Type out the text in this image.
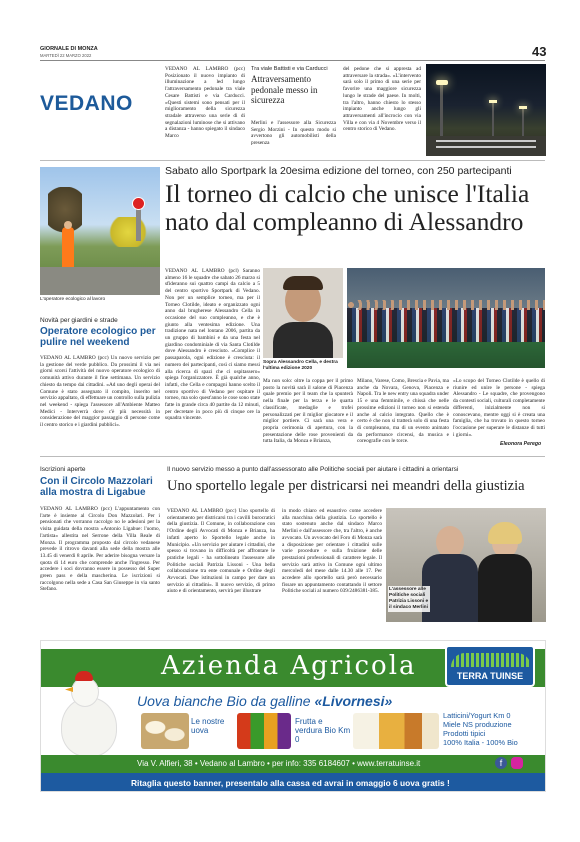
GIORNALE DI MONZA
MARTEDÌ 22 MARZO 2022	43
VEDANO

VEDANO AL LAMBRO (pcc) Posizionato il nuovo impianto di illuminazione a led lungo l'attraversamento pedonale tra viale Cesare Battisti e via Carducci. «Questi sistemi sono pensati per il miglioramento della sicurezza stradale attraverso una serie di di segnalazioni luminose che si attivano a distanza - hanno spiegato il sindaco Marco

Tra viale Battisti e via Carducci
Attraversamento pedonale messo in sicurezza

Merlini e l'assessore alla Sicurezza Sergio Morzini - In questo modo si avvertono gli automobilisti della presenza

del pedone che si appresta ad attraversare la strada». «L'intervento sarà solo il primo di una serie per favorire una maggiore sicurezza lungo le strade del paese. In molti, tra l'altro, hanno chiesto lo stesso impianto anche lungo gli attraversamenti all'incrocio con via Villa e con via 4 Novembre verso il centro storico di Vedano.

L'operatore ecologico al lavoro
Novità per giardini e strade
Operatore ecologico per pulire nel weekend

VEDANO AL LAMBRO (pcc) Un nuovo servizio per la gestione del verde pubblico. Da prossimi il via nei giorni scorsi l'attività del nuovo operatore ecologico di comunità attivo durante il fine settimana. Un servizio chiesto da tempo dai cittadini. «Ad uno degli operai del Comune è stato assegnato il compito, inserito nel servizio appaltato, di effettuare un controllo sulla pulizia nel weekend - spiega l'assessore all'Ambiente Matteo Medici - Interverrà dove c'è più necessità in considerazione del maggior passaggio di persone come il centro storico e i giardini pubblici».

Sabato allo Sportpark la 20esima edizione del torneo, con 250 partecipanti
Il torneo di calcio che unisce l'Italia nato dal compleanno di Alessandro

VEDANO AL LAMBRO (pcl) Saranno almeno 16 le squadre che sabato 26 marzo si sfideranno sui quattro campi da calcio a 5 del centro sportivo Sportpark di Vedano. Non per un semplice torneo, ma per il Torneo Clotilde, ideato e organizzato ogni anno dal brugherese Alessandro Cella in occasione del suo compleanno, e che è giunto alla ventesima edizione. Una tradizione nata nel lontano 2006, partita da un gruppo di bambini e da una festa nel giardino condominiale di via Santa Clotilde dove Alessandro è cresciuto. «Complice il passaparola, ogni edizione è cresciuta: il numero dei partecipanti, così ci siamo messi alla ricerca di spazi che ci ospitassero» spiega l'organizzatore. È già qualche anno, infatti, che Cella e compagni hanno scelto il centro sportivo di Vedano per ospitare il torneo, ma solo quest'anno le cose sono state fatte in grande circa 40 partite da 12 minuti, per decretare in poco più di cinque ore la squadra vincente.

Sopra Alessandro Cella, e destra l'ultima edizione 2020

Ma non solo: oltre la coppa per il primo posto la novità sarà il salone di Piacenza quale premio per il team che la spunterà nella finale per la terza e le quarta classificate, medaglie e trofei personalizzati per il miglior giocatore e il miglior portiere. Ci sarà una vera e propria cerimonia di apertura, con la presentazione delle rose provenienti da tutta Italia, da Monza e Brianza,

Milano, Varese, Como, Brescia e Pavia, ma anche da Novara, Genova, Piacenza e Napoli. Tra le new entry una squadra under 15 e una femminile, e chissà che nelle prossime edizioni il torneo non si estenda anche al calcio integrato. Quello che è certo è che non si tratterà solo di una festa di compleanno, ma di un evento animato da performance circensi, da musica e coreografie con le torce.

«Lo scopo del Torneo Clotilde è quello di riunire ed unire le persone - spiega Alessandro - Le squadre, che provengono da contesti sociali, culturali completamente differenti, inizialmente non si conoscevano, mentre oggi si è creata una famiglia, che ha trovato in questo torneo l'occasione per superare le distanze di tutti i giorni».

Eleonora Perego
Iscrizioni aperte
Con il Circolo Mazzolari alla mostra di Ligabue

VEDANO AL LAMBRO (pcc) L'appuntamento con l'arte è insieme al Circolo Don Mazzolari. Per i pensionati che vorranno raccolgo no le adesioni per la visita guidata della mostra «Antonio Ligabue: l'uomo, l'artista» allestita nel Serrone della Villa Reale di Monza. Il programma proposto dal circolo vedanese prevede il ritrovo davanti alla sede della mostra alle 13.45 di venerdì 8 aprile. Per aderire bisogna versare la quota di 14 euro che comprende anche l'ingresso. Per accedere i soci dovranno essere in possesso del Super green pass e della mascherina. Le iscrizioni si raccolgono nella sede a Casa San Giuseppe in via santo Stefano.

Il nuovo servizio messo a punto dall'assessorato alle Politiche sociali per aiutare i cittadini a orientarsi
Uno sportello legale per districarsi nei meandri della giustizia

VEDANO AL LAMBRO (pcc) Uno sportello di orientamento per districarsi tra i cavilli burocratici della giustizia. Il Comune, in collaborazione con l'Ordine degli Avvocati di Monza e Brianza, ha infatti aperto lo Sportello legale anche in Municipio. «Un servizio per aiutare i cittadini, che spesso si trovano in difficoltà per affrontare le pratiche legali - ha sottolineato l'assessore alle Politiche sociali Patrizia Lissoni - Una bella collaborazione tra ente comunale e Ordine degli Avvocati. Due istituzioni in campo per dare un servizio ai cittadini». Il nuovo servizio, di primo aiuto e di orientamento, servirà per illustrare

in modo chiaro ed esaustivo come accedere alla macchina della giustizia. Lo sportello è stato sostenuto anche dal sindaco Marco Merlini e dall'assessore che, tra l'altro, è anche avvocato. Un avvocato del Foro di Monza sarà a disposizione per orientare i cittadini sulle varie procedure e sulla fruizione delle prestazioni professionali di carattere legale. Il servizio sarà attivo in Comune ogni ultimo mercoledì del mese dalle 14.30 alle 17. Per accedere allo sportello sarà però necessario fissare un appuntamento contattando il settore Politiche sociali al numero 039/2486381-385.	L'assessore alle Politiche sociali Patrizia Lissoni e il sindaco Merlini
Azienda Agricola	TERRA TUINSE
Uova bianche Bio da galline «Livornesi»
Le nostre uova
Frutta e verdura Bio Km 0
Latticini/Yogurt Km 0
Miele NS produzione
Prodotti tipici
100% Italia - 100% Bio
Via V. Alfieri, 38 • Vedano al Lambro • per info: 335 6184607 • www.terratuinse.it	f
Ritaglia questo banner, presentalo alla cassa ed avrai in omaggio 6 uova gratis !
